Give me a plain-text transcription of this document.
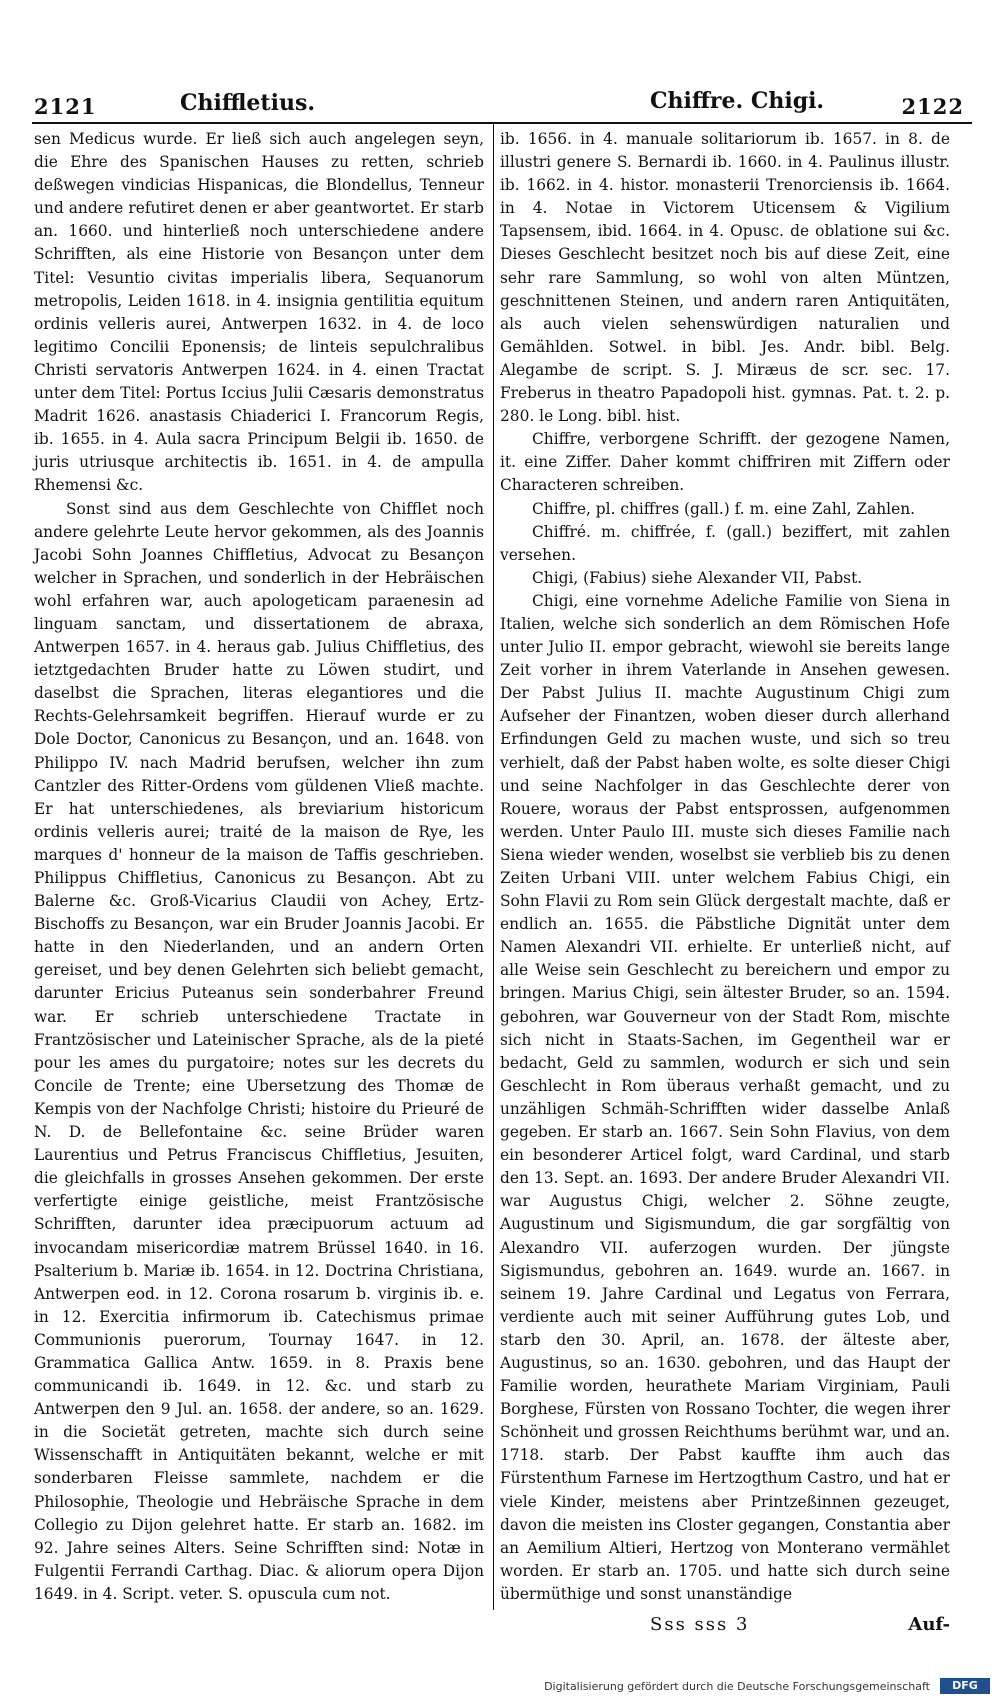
2121	Chiffletius.	Chiffre. Chigi.	2122

sen Medicus wurde. Er ließ sich auch angelegen seyn, die Ehre des Spanischen Hauses zu retten, schrieb deßwegen vindicias Hispanicas, die Blondellus, Tenneur und andere refutiret denen er aber geantwortet. Er starb an. 1660. und hinterließ noch unterschiedene andere Schrifften, als eine Historie von Besançon unter dem Titel: Vesuntio civitas imperialis libera, Sequanorum metropolis, Leiden 1618. in 4. insignia gentilitia equitum ordinis velleris aurei, Antwerpen 1632. in 4. de loco legitimo Concilii Eponensis; de linteis sepulchralibus Christi servatoris Antwerpen 1624. in 4. einen Tractat unter dem Titel: Portus Iccius Julii Cæsaris demonstratus Madrit 1626. anastasis Chiaderici I. Francorum Regis, ib. 1655. in 4. Aula sacra Principum Belgii ib. 1650. de juris utriusque architectis ib. 1651. in 4. de ampulla Rhemensi &c.

Sonst sind aus dem Geschlechte von Chifflet noch andere gelehrte Leute hervor gekommen, als des Joannis Jacobi Sohn Joannes Chiffletius, Advocat zu Besançon welcher in Sprachen, und sonderlich in der Hebräischen wohl erfahren war, auch apologeticam paraenesin ad linguam sanctam, und dissertationem de abraxa, Antwerpen 1657. in 4. heraus gab. Julius Chiffletius, des ietztgedachten Bruder hatte zu Löwen studirt, und daselbst die Sprachen, literas elegantiores und die Rechts-Gelehrsamkeit begriffen. Hierauf wurde er zu Dole Doctor, Canonicus zu Besançon, und an. 1648. von Philippo IV. nach Madrid berufsen, welcher ihn zum Cantzler des Ritter-Ordens vom güldenen Vließ machte. Er hat unterschiedenes, als breviarium historicum ordinis velleris aurei; traité de la maison de Rye, les marques d' honneur de la maison de Taffis geschrieben. Philippus Chiffletius, Canonicus zu Besançon. Abt zu Balerne &c. Groß-Vicarius Claudii von Achey, Ertz-Bischoffs zu Besançon, war ein Bruder Joannis Jacobi. Er hatte in den Niederlanden, und an andern Orten gereiset, und bey denen Gelehrten sich beliebt gemacht, darunter Ericius Puteanus sein sonderbahrer Freund war. Er schrieb unterschiedene Tractate in Frantzösischer und Lateinischer Sprache, als de la pieté pour les ames du purgatoire; notes sur les decrets du Concile de Trente; eine Ubersetzung des Thomæ de Kempis von der Nachfolge Christi; histoire du Prieuré de N. D. de Bellefontaine &c. seine Brüder waren Laurentius und Petrus Franciscus Chiffletius, Jesuiten, die gleichfalls in grosses Ansehen gekommen. Der erste verfertigte einige geistliche, meist Frantzösische Schrifften, darunter idea præcipuorum actuum ad invocandam misericordiæ matrem Brüssel 1640. in 16. Psalterium b. Mariæ ib. 1654. in 12. Doctrina Christiana, Antwerpen eod. in 12. Corona rosarum b. virginis ib. e. in 12. Exercitia infirmorum ib. Catechismus primae Communionis puerorum, Tournay 1647. in 12. Grammatica Gallica Antw. 1659. in 8. Praxis bene communicandi ib. 1649. in 12. &c. und starb zu Antwerpen den 9 Jul. an. 1658. der andere, so an. 1629. in die Societät getreten, machte sich durch seine Wissenschafft in Antiquitäten bekannt, welche er mit sonderbaren Fleisse sammlete, nachdem er die Philosophie, Theologie und Hebräische Sprache in dem Collegio zu Dijon gelehret hatte. Er starb an. 1682. im 92. Jahre seines Alters. Seine Schrifften sind: Notæ in Fulgentii Ferrandi Carthag. Diac. & aliorum opera Dijon 1649. in 4. Script. veter. S. opuscula cum not.

ib. 1656. in 4. manuale solitariorum ib. 1657. in 8. de illustri genere S. Bernardi ib. 1660. in 4. Paulinus illustr. ib. 1662. in 4. histor. monasterii Trenorciensis ib. 1664. in 4. Notae in Victorem Uticensem & Vigilium Tapsensem, ibid. 1664. in 4. Opusc. de oblatione sui &c. Dieses Geschlecht besitzet noch bis auf diese Zeit, eine sehr rare Sammlung, so wohl von alten Müntzen, geschnittenen Steinen, und andern raren Antiquitäten, als auch vielen sehenswürdigen naturalien und Gemählden. Sotwel. in bibl. Jes. Andr. bibl. Belg. Alegambe de script. S. J. Miræus de scr. sec. 17. Freberus in theatro Papadopoli hist. gymnas. Pat. t. 2. p. 280. le Long. bibl. hist.

Chiffre, verborgene Schrifft. der gezogene Namen, it. eine Ziffer. Daher kommt chiffriren mit Ziffern oder Characteren schreiben.

Chiffre, pl. chiffres (gall.) f. m. eine Zahl, Zahlen.

Chiffré. m. chiffrée, f. (gall.) beziffert, mit zahlen versehen.

Chigi, (Fabius) siehe Alexander VII, Pabst.

Chigi, eine vornehme Adeliche Familie von Siena in Italien, welche sich sonderlich an dem Römischen Hofe unter Julio II. empor gebracht, wiewohl sie bereits lange Zeit vorher in ihrem Vaterlande in Ansehen gewesen. Der Pabst Julius II. machte Augustinum Chigi zum Aufseher der Finantzen, woben dieser durch allerhand Erfindungen Geld zu machen wuste, und sich so treu verhielt, daß der Pabst haben wolte, es solte dieser Chigi und seine Nachfolger in das Geschlechte derer von Rouere, woraus der Pabst entsprossen, aufgenommen werden. Unter Paulo III. muste sich dieses Familie nach Siena wieder wenden, woselbst sie verblieb bis zu denen Zeiten Urbani VIII. unter welchem Fabius Chigi, ein Sohn Flavii zu Rom sein Glück dergestalt machte, daß er endlich an. 1655. die Päbstliche Dignität unter dem Namen Alexandri VII. erhielte. Er unterließ nicht, auf alle Weise sein Geschlecht zu bereichern und empor zu bringen. Marius Chigi, sein ältester Bruder, so an. 1594. gebohren, war Gouverneur von der Stadt Rom, mischte sich nicht in Staats-Sachen, im Gegentheil war er bedacht, Geld zu sammlen, wodurch er sich und sein Geschlecht in Rom überaus verhaßt gemacht, und zu unzähligen Schmäh-Schrifften wider dasselbe Anlaß gegeben. Er starb an. 1667. Sein Sohn Flavius, von dem ein besonderer Articel folgt, ward Cardinal, und starb den 13. Sept. an. 1693. Der andere Bruder Alexandri VII. war Augustus Chigi, welcher 2. Söhne zeugte, Augustinum und Sigismundum, die gar sorgfältig von Alexandro VII. auferzogen wurden. Der jüngste Sigismundus, gebohren an. 1649. wurde an. 1667. in seinem 19. Jahre Cardinal und Legatus von Ferrara, verdiente auch mit seiner Aufführung gutes Lob, und starb den 30. April, an. 1678. der älteste aber, Augustinus, so an. 1630. gebohren, und das Haupt der Familie worden, heurathete Mariam Virginiam, Pauli Borghese, Fürsten von Rossano Tochter, die wegen ihrer Schönheit und grossen Reichthums berühmt war, und an. 1718. starb. Der Pabst kauffte ihm auch das Fürstenthum Farnese im Hertzogthum Castro, und hat er viele Kinder, meistens aber Printzeßinnen gezeuget, davon die meisten ins Closter gegangen, Constantia aber an Aemilium Altieri, Hertzog von Monterano vermählet worden. Er starb an. 1705. und hatte sich durch seine übermüthige und sonst unanständige

Sss sss 3	Auf-
Digitalisierung gefördert durch die Deutsche Forschungsgemeinschaft	DFG
